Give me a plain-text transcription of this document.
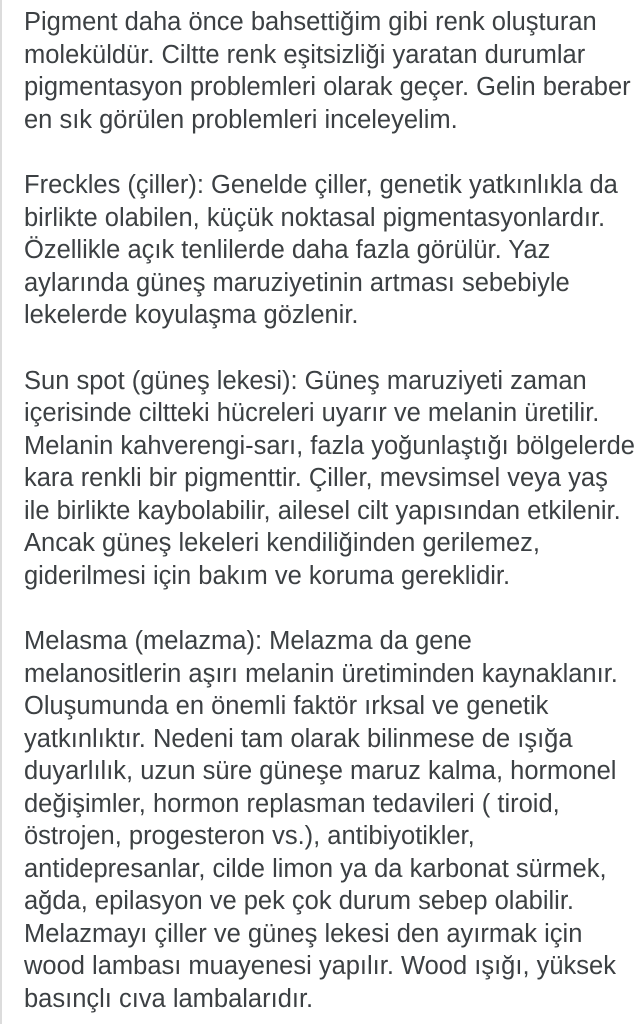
Pigment daha önce bahsettiğim gibi renk oluşturan
moleküldür. Ciltte renk eşitsizliği yaratan durumlar
pigmentasyon problemleri olarak geçer. Gelin beraber
en sık görülen problemleri inceleyelim.
Freckles (çiller): Genelde çiller, genetik yatkınlıkla da
birlikte olabilen, küçük noktasal pigmentasyonlardır.
Özellikle açık tenlilerde daha fazla görülür. Yaz
aylarında güneş maruziyetinin artması sebebiyle
lekelerde koyulaşma gözlenir.
Sun spot (güneş lekesi): Güneş maruziyeti zaman
içerisinde ciltteki hücreleri uyarır ve melanin üretilir.
Melanin kahverengi-sarı, fazla yoğunlaştığı bölgelerde
kara renkli bir pigmenttir. Çiller, mevsimsel veya yaş
ile birlikte kaybolabilir, ailesel cilt yapısından etkilenir.
Ancak güneş lekeleri kendiliğinden gerilemez,
giderilmesi için bakım ve koruma gereklidir.
Melasma (melazma): Melazma da gene
melanositlerin aşırı melanin üretiminden kaynaklanır.
Oluşumunda en önemli faktör ırksal ve genetik
yatkınlıktır. Nedeni tam olarak bilinmese de ışığa
duyarlılık, uzun süre güneşe maruz kalma, hormonel
değişimler, hormon replasman tedavileri ( tiroid,
östrojen, progesteron vs.), antibiyotikler,
antidepresanlar, cilde limon ya da karbonat sürmek,
ağda, epilasyon ve pek çok durum sebep olabilir.
Melazmayı çiller ve güneş lekesi den ayırmak için
wood lambası muayenesi yapılır. Wood ışığı, yüksek
basınçlı cıva lambalarıdır.
